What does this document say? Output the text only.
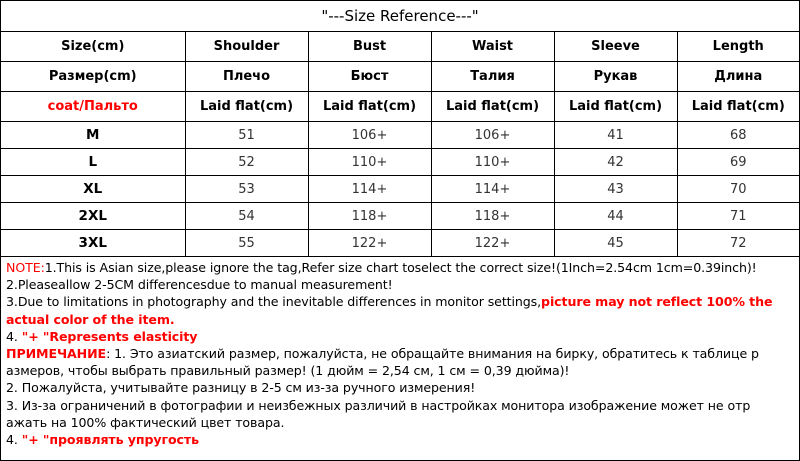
"---Size Reference---"
Size(cm)	Shoulder	Bust	Waist	Sleeve	Length
Размер(cm)	Плечо	Бюст	Талия	Рукав	Длина
coat/Пальто	Laid flat(cm)	Laid flat(cm)	Laid flat(cm)	Laid flat(cm)	Laid flat(cm)
M	51	106+	106+	41	68
L	52	110+	110+	42	69
XL	53	114+	114+	43	70
2XL	54	118+	118+	44	71
3XL	55	122+	122+	45	72

NOTE:1.This is Asian size,please ignore the tag,Refer size chart toselect the correct size!(1Inch=2.54cm 1cm=0.39inch)!

2.Pleaseallow 2-5CM differencesdue to manual measurement!

3.Due to limitations in photography and the inevitable differences in monitor settings,picture may not reflect 100% the actual color of the item.

4. "+ "Represents elasticity

ПРИМЕЧАНИЕ: 1. Это азиатский размер, пожалуйста, не обращайте внимания на бирку, обратитесь к таблице р азмеров, чтобы выбрать правильный размер! (1 дюйм = 2,54 см, 1 см = 0,39 дюйма)!

2. Пожалуйста, учитывайте разницу в 2-5 см из-за ручного измерения!

3. Из-за ограничений в фотографии и неизбежных различий в настройках монитора изображение может не отр ажать на 100% фактический цвет товара.

4. "+ "проявлять упругость
